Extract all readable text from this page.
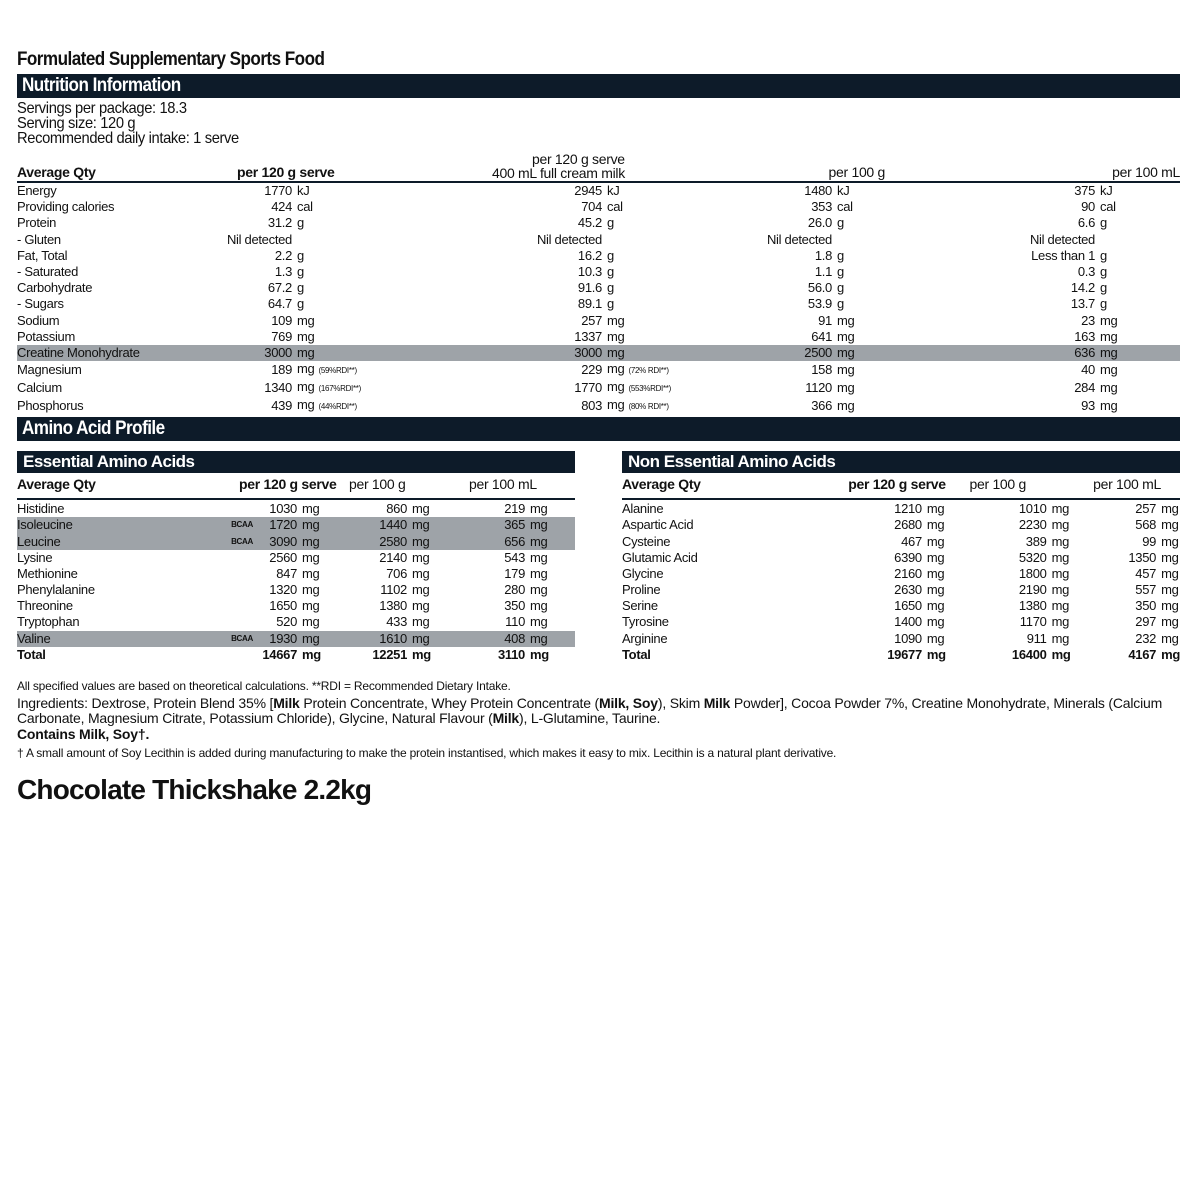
Formulated Supplementary Sports Food
Nutrition Information
Servings per package: 18.3
Serving size: 120 g
Recommended daily intake: 1 serve
Average Qty	per 120 g serve		per 120 g serve
400 mL full cream milk		per 100 g		per 100 mL	

Energy	1770	kJ	2945	kJ	1480	kJ	375	kJ
Providing calories	424	cal	704	cal	353	cal	90	cal
Protein	31.2	g	45.2	g	26.0	g	6.6	g
- Gluten	Nil detected		Nil detected		Nil detected		Nil detected	
Fat, Total	2.2	g	16.2	g	1.8	g	Less than 1	g
- Saturated	1.3	g	10.3	g	1.1	g	0.3	g
Carbohydrate	67.2	g	91.6	g	56.0	g	14.2	g
- Sugars	64.7	g	89.1	g	53.9	g	13.7	g
Sodium	109	mg	257	mg	91	mg	23	mg
Potassium	769	mg	1337	mg	641	mg	163	mg
Creatine Monohydrate	3000	mg	3000	mg	2500	mg	636	mg
Magnesium	189	mg (59%RDI**)	229	mg (72% RDI**)	158	mg	40	mg
Calcium	1340	mg (167%RDI**)	1770	mg (553%RDI**)	1120	mg	284	mg
Phosphorus	439	mg (44%RDI**)	803	mg (80% RDI**)	366	mg	93	mg
Amino Acid Profile
Essential Amino Acids
Average Qty	per 120 g serve			per 100 g		per 100 mL	

Histidine		1030	mg	860	mg	219	mg
Isoleucine	BCAA	1720	mg	1440	mg	365	mg
Leucine	BCAA	3090	mg	2580	mg	656	mg
Lysine		2560	mg	2140	mg	543	mg
Methionine		847	mg	706	mg	179	mg
Phenylalanine		1320	mg	1102	mg	280	mg
Threonine		1650	mg	1380	mg	350	mg
Tryptophan		520	mg	433	mg	110	mg
Valine	BCAA	1930	mg	1610	mg	408	mg
Total		14667	mg	12251	mg	3110	mg
Non Essential Amino Acids
Average Qty	per 120 g serve		per 100 g		per 100 mL	

Alanine	1210	mg	1010	mg	257	mg
Aspartic Acid	2680	mg	2230	mg	568	mg
Cysteine	467	mg	389	mg	99	mg
Glutamic Acid	6390	mg	5320	mg	1350	mg
Glycine	2160	mg	1800	mg	457	mg
Proline	2630	mg	2190	mg	557	mg
Serine	1650	mg	1380	mg	350	mg
Tyrosine	1400	mg	1170	mg	297	mg
Arginine	1090	mg	911	mg	232	mg
Total	19677	mg	16400	mg	4167	mg
All specified values are based on theoretical calculations. **RDI = Recommended Dietary Intake.
Ingredients: Dextrose, Protein Blend 35% [Milk Protein Concentrate, Whey Protein Concentrate (Milk, Soy), Skim Milk Powder], Cocoa Powder 7%, Creatine Monohydrate, Minerals (Calcium Carbonate, Magnesium Citrate, Potassium Chloride), Glycine, Natural Flavour (Milk), L-Glutamine, Taurine.
Contains Milk, Soy†.
† A small amount of Soy Lecithin is added during manufacturing to make the protein instantised, which makes it easy to mix. Lecithin is a natural plant derivative.
Chocolate Thickshake 2.2kg
